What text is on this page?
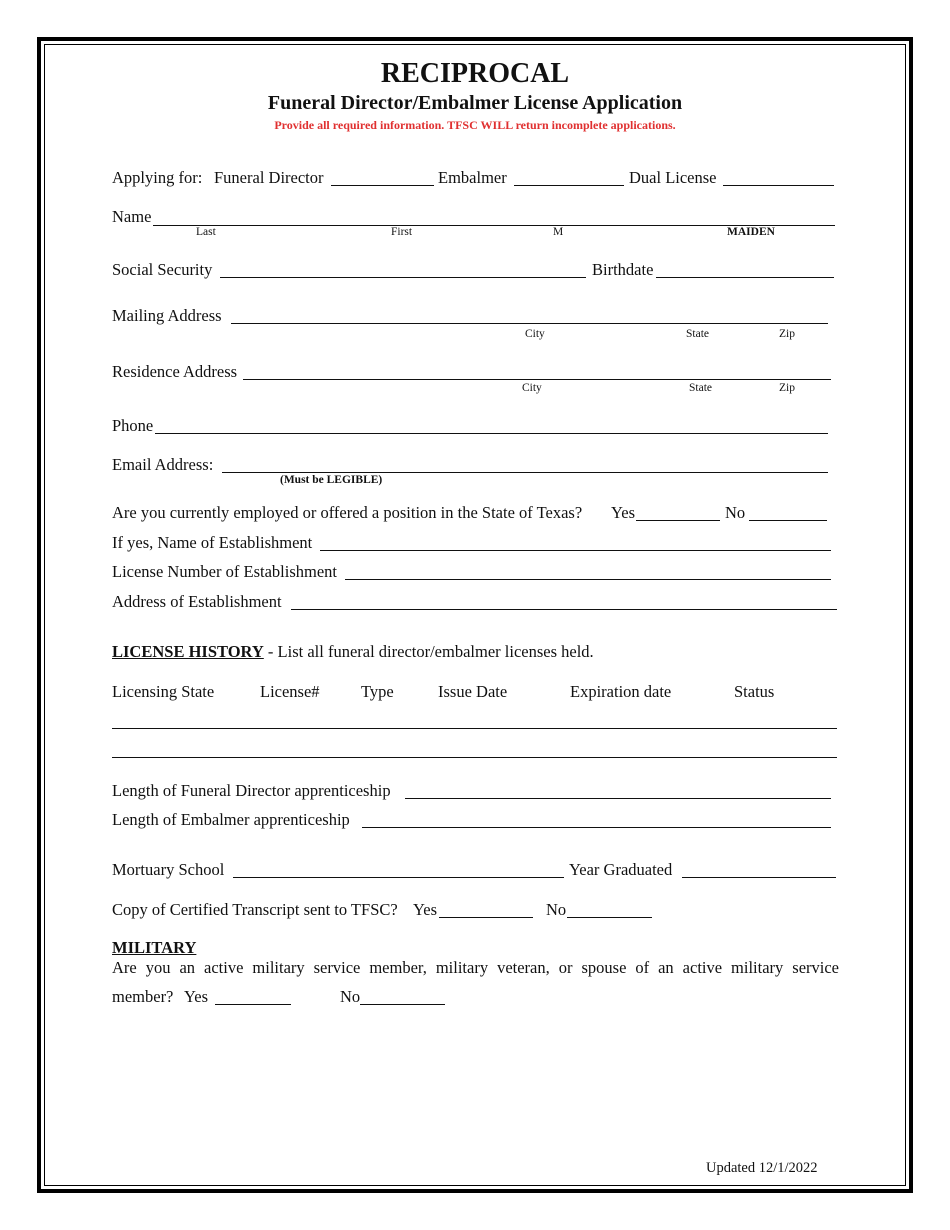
RECIPROCAL
Funeral Director/Embalmer License Application
Provide all required information. TFSC WILL return incomplete applications.
Applying for: Funeral Director	Embalmer	Dual License
Name
Last	First	M	MAIDEN
Social Security	Birthdate
Mailing Address
City	State	Zip
Residence Address
City	State	Zip
Phone
Email Address:
(Must be LEGIBLE)
Are you currently employed or offered a position in the State of Texas? Yes	No
If yes, Name of Establishment
License Number of Establishment
Address of Establishment
LICENSE HISTORY - List all funeral director/embalmer licenses held.
Licensing State	License#	Type	Issue Date	Expiration date	Status
Length of Funeral Director apprenticeship
Length of Embalmer apprenticeship
Mortuary School	Year Graduated
Copy of Certified Transcript sent to TFSC? Yes	No
MILITARY
Are you an active military service member, military veteran, or spouse of an active military service
member? Yes	No
Updated 12/1/2022
